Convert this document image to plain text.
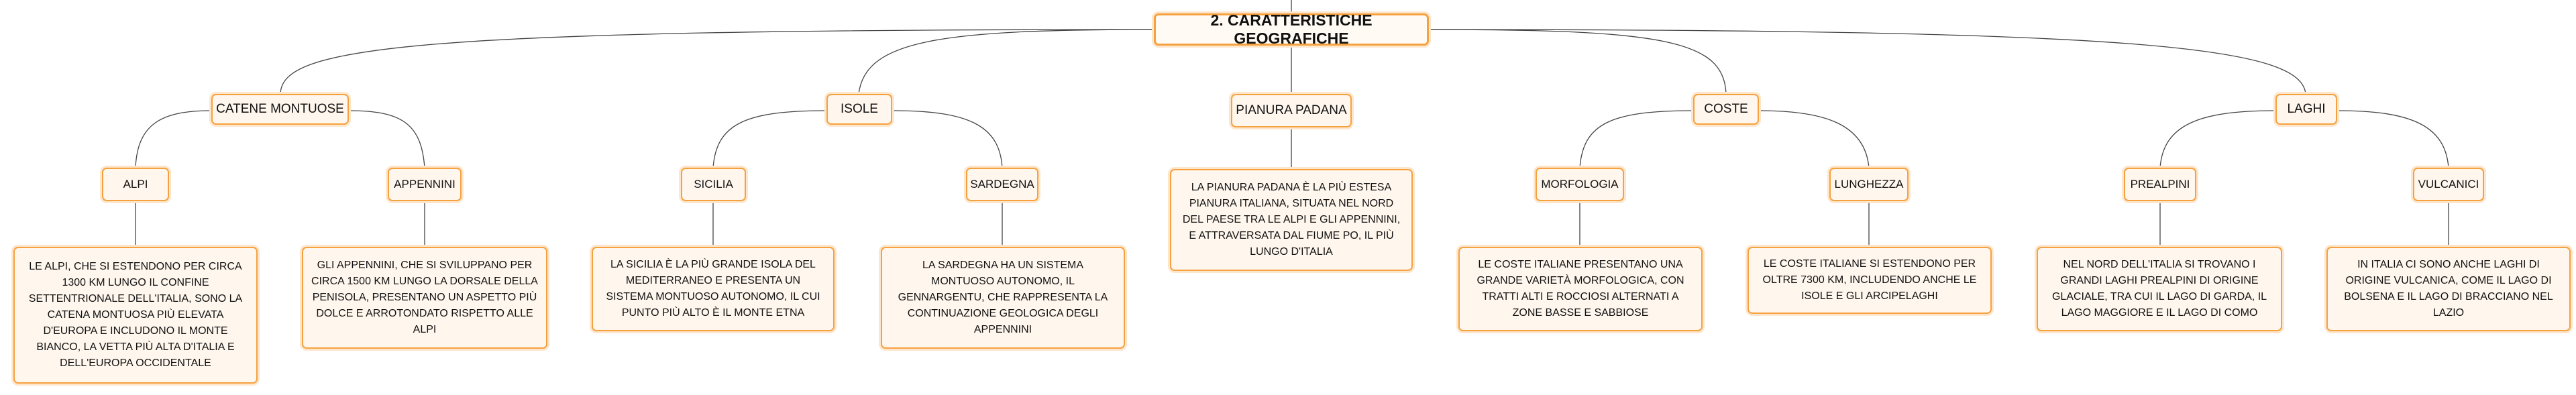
2. CARATTERISTICHE GEOGRAFICHE
CATENE MONTUOSE
ALPI	APPENNINI
LE ALPI, CHE SI ESTENDONO PER CIRCA 1300 KM LUNGO IL CONFINE SETTENTRIONALE DELL'ITALIA, SONO LA CATENA MONTUOSA PIÙ ELEVATA D'EUROPA E INCLUDONO IL MONTE BIANCO, LA VETTA PIÙ ALTA D'ITALIA E DELL'EUROPA OCCIDENTALE
GLI APPENNINI, CHE SI SVILUPPANO PER CIRCA 1500 KM LUNGO LA DORSALE DELLA PENISOLA, PRESENTANO UN ASPETTO PIÙ DOLCE E ARROTONDATO RISPETTO ALLE ALPI
ISOLE
SICILIA	SARDEGNA
LA SICILIA È LA PIÙ GRANDE ISOLA DEL MEDITERRANEO E PRESENTA UN SISTEMA MONTUOSO AUTONOMO, IL CUI PUNTO PIÙ ALTO È IL MONTE ETNA
LA SARDEGNA HA UN SISTEMA MONTUOSO AUTONOMO, IL GENNARGENTU, CHE RAPPRESENTA LA CONTINUAZIONE GEOLOGICA DEGLI APPENNINI
PIANURA PADANA
LA PIANURA PADANA È LA PIÙ ESTESA PIANURA ITALIANA, SITUATA NEL NORD DEL PAESE TRA LE ALPI E GLI APPENNINI, E ATTRAVERSATA DAL FIUME PO, IL PIÙ LUNGO D'ITALIA
COSTE
MORFOLOGIA	LUNGHEZZA
LE COSTE ITALIANE PRESENTANO UNA GRANDE VARIETÀ MORFOLOGICA, CON TRATTI ALTI E ROCCIOSI ALTERNATI A ZONE BASSE E SABBIOSE
LE COSTE ITALIANE SI ESTENDONO PER OLTRE 7300 KM, INCLUDENDO ANCHE LE ISOLE E GLI ARCIPELAGHI
LAGHI
PREALPINI	VULCANICI
NEL NORD DELL'ITALIA SI TROVANO I GRANDI LAGHI PREALPINI DI ORIGINE GLACIALE, TRA CUI IL LAGO DI GARDA, IL LAGO MAGGIORE E IL LAGO DI COMO
IN ITALIA CI SONO ANCHE LAGHI DI ORIGINE VULCANICA, COME IL LAGO DI BOLSENA E IL LAGO DI BRACCIANO NEL LAZIO
